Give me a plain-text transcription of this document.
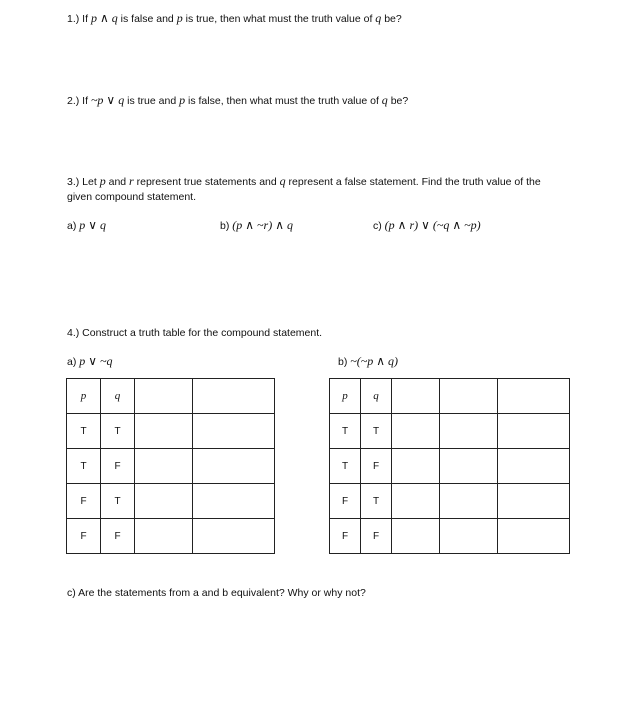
1.) If p ∧ q is false and p is true, then what must the truth value of q be?
2.) If ~p ∨ q is true and p is false, then what must the truth value of q be?
3.) Let p and r represent true statements and q represent a false statement. Find the truth value of the
given compound statement.
a) p ∨ q	b) (p ∧ ~r) ∧ q	c) (p ∧ r) ∨ (~q ∧ ~p)
4.) Construct a truth table for the compound statement.
a) p ∨ ~q	b) ~(~p ∧ q)
p	q		
T	T		
T	F		
F	T		
F	F		
p	q			
T	T			
T	F			
F	T			
F	F			
c) Are the statements from a and b equivalent? Why or why not?
